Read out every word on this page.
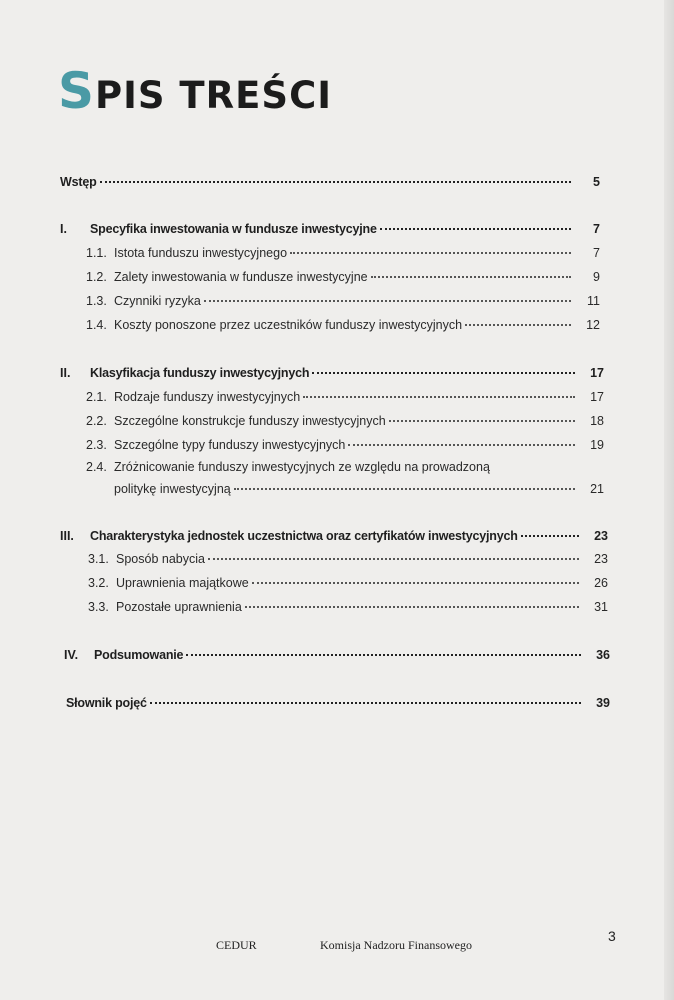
SPIS TREŚCI
Wstęp	5
I.	Specyfika inwestowania w fundusze inwestycyjne	7
1.1. Istota funduszu inwestycyjnego	7
1.2. Zalety inwestowania w fundusze inwestycyjne	9
1.3. Czynniki ryzyka	11
1.4. Koszty ponoszone przez uczestników funduszy inwestycyjnych	12
II.	Klasyfikacja funduszy inwestycyjnych	17
2.1. Rodzaje funduszy inwestycyjnych	17
2.2. Szczególne konstrukcje funduszy inwestycyjnych	18
2.3. Szczególne typy funduszy inwestycyjnych	19
2.4. Zróżnicowanie funduszy inwestycyjnych ze względu na prowadzoną
politykę inwestycyjną	21
III.	Charakterystyka jednostek uczestnictwa oraz certyfikatów inwestycyjnych	23
3.1. Sposób nabycia	23
3.2. Uprawnienia majątkowe	26
3.3. Pozostałe uprawnienia	31
IV.	Podsumowanie	36
Słownik pojęć	39
CEDUR	Komisja Nadzoru Finansowego
3
